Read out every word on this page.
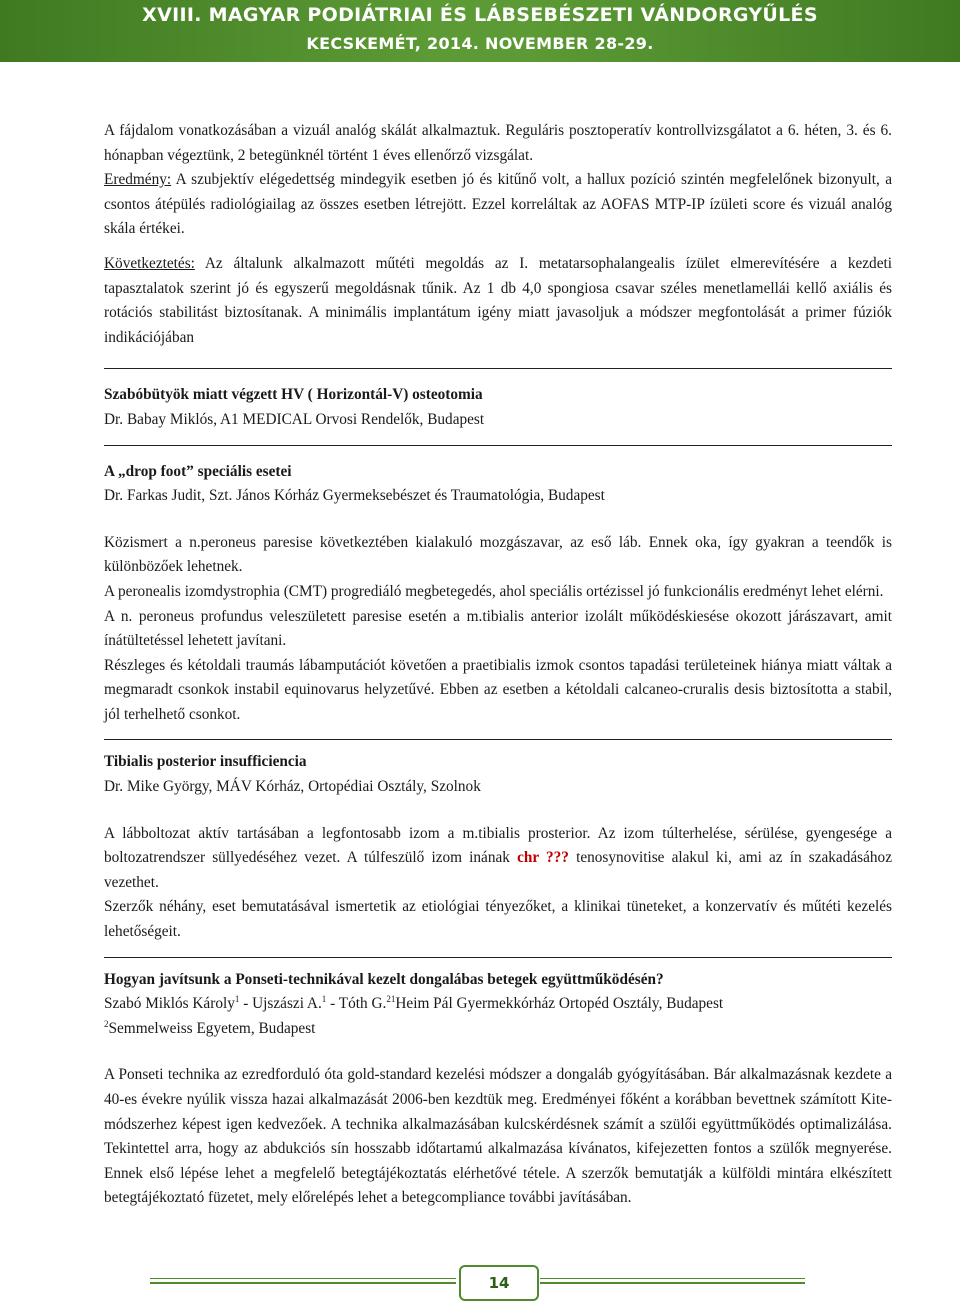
XVIII. MAGYAR PODIÁTRIAI ÉS LÁBSEBÉSZETI VÁNDORGYŰLÉS
KECSKEMÉT, 2014. NOVEMBER 28-29.

A fájdalom vonatkozásában a vizuál analóg skálát alkalmaztuk. Reguláris posztoperatív kontrollvizsgálatot a 6. héten, 3. és 6. hónapban végeztünk, 2 betegünknél történt 1 éves ellenőrző vizsgálat.

Eredmény: A szubjektív elégedettség mindegyik esetben jó és kitűnő volt, a hallux pozíció szintén megfelelőnek bizonyult, a csontos átépülés radiológiailag az összes esetben létrejött. Ezzel korreláltak az AOFAS MTP-IP ízületi score és vizuál analóg skála értékei.

Következtetés: Az általunk alkalmazott műtéti megoldás az I. metatarsophalangealis ízület elmerevítésére a kezdeti tapasztalatok szerint jó és egyszerű megoldásnak tűnik. Az 1 db 4,0 spongiosa csavar széles menetlamellái kellő axiális és rotációs stabilitást biztosítanak. A minimális implantátum igény miatt javasoljuk a módszer megfontolását a primer fúziók indikációjában

Szabóbütyök miatt végzett HV ( Horizontál-V) osteotomia

Dr. Babay Miklós, A1 MEDICAL Orvosi Rendelők, Budapest

A „drop foot” speciális esetei

Dr. Farkas Judit, Szt. János Kórház Gyermeksebészet és Traumatológia, Budapest

Közismert a n.peroneus paresise következtében kialakuló mozgászavar, az eső láb. Ennek oka, így gyakran a teendők is különbözőek lehetnek.

A peronealis izomdystrophia (CMT) progrediáló megbetegedés, ahol speciális ortézissel jó funkcionális eredményt lehet elérni.

A n. peroneus profundus veleszületett paresise esetén a m.tibialis anterior izolált működéskiesése okozott járászavart, amit ínátültetéssel lehetett javítani.

Részleges és kétoldali traumás lábamputációt követően a praetibialis izmok csontos tapadási területeinek hiánya miatt váltak a megmaradt csonkok instabil equinovarus helyzetűvé. Ebben az esetben a kétoldali calcaneo-cruralis desis biztosította a stabil, jól terhelhető csonkot.

Tibialis posterior insufficiencia

Dr. Mike György, MÁV Kórház, Ortopédiai Osztály, Szolnok

A lábboltozat aktív tartásában a legfontosabb izom a m.tibialis prosterior. Az izom túlterhelése, sérülése, gyengesége a boltozatrendszer süllyedéséhez vezet. A túlfeszülő izom inának chr ??? tenosynovitise alakul ki, ami az ín szakadásához vezethet.

Szerzők néhány, eset bemutatásával ismertetik az etiológiai tényezőket, a klinikai tüneteket, a konzervatív és műtéti kezelés lehetőségeit.

Hogyan javítsunk a Ponseti-technikával kezelt dongalábas betegek együttműködésén?

Szabó Miklós Károly$^1$ - Ujszászi A.$^1$ - Tóth G.$^{21}$Heim Pál Gyermekkórház Ortopéd Osztály, Budapest
$^2$Semmelweiss Egyetem, Budapest

A Ponseti technika az ezredforduló óta gold-standard kezelési módszer a dongaláb gyógyításában. Bár alkalmazásnak kezdete a 40-es évekre nyúlik vissza hazai alkalmazását 2006-ben kezdtük meg. Eredményei főként a korábban bevettnek számított Kite-módszerhez képest igen kedvezőek. A technika alkalmazásában kulcskérdésnek számít a szülői együttműködés optimalizálása. Tekintettel arra, hogy az abdukciós sín hosszabb időtartamú alkalmazása kívánatos, kifejezetten fontos a szülők megnyerése. Ennek első lépése lehet a megfelelő betegtájékoztatás elérhetővé tétele. A szerzők bemutatják a külföldi mintára elkészített betegtájékoztató füzetet, mely előrelépés lehet a betegcompliance további javításában.

14
